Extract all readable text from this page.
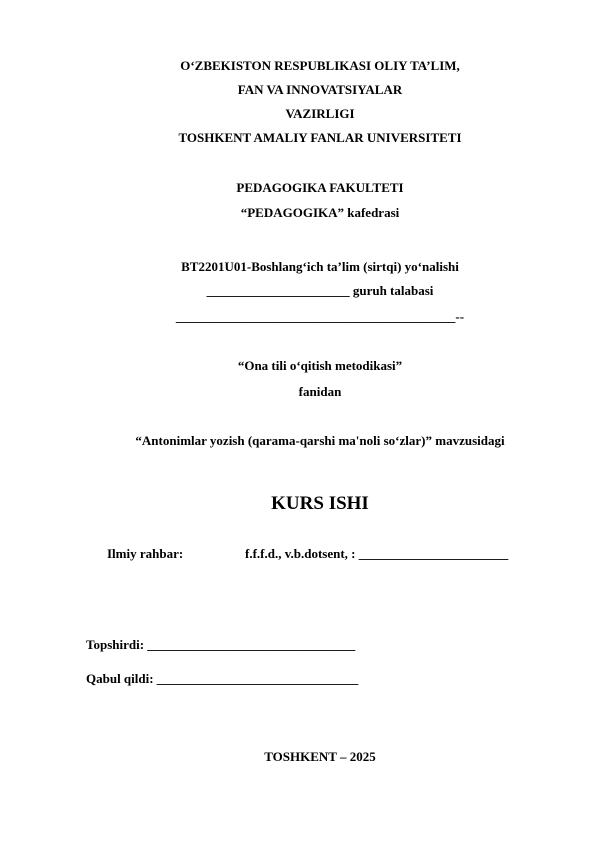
O‘ZBEKISTON RESPUBLIKASI OLIY TA’LIM,
FAN VA INNOVATSIYALAR
VAZIRLIGI
TOSHKENT AMALIY FANLAR UNIVERSITETI
PEDAGOGIKA FAKULTETI
“PEDAGOGIKA” kafedrasi
BT2201U01-Boshlang‘ich ta’lim (sirtqi) yo‘nalishi
______________________ guruh talabasi
___________________________________________--
“Ona tili o‘qitish metodikasi”
fanidan
“Antonimlar yozish (qarama-qarshi ma'noli so‘zlar)” mavzusidagi
KURS ISHI
Ilmiy rahbar:	f.f.f.d., v.b.dotsent, : _______________________
Topshirdi: ________________________________
Qabul qildi: _______________________________
TOSHKENT – 2025
